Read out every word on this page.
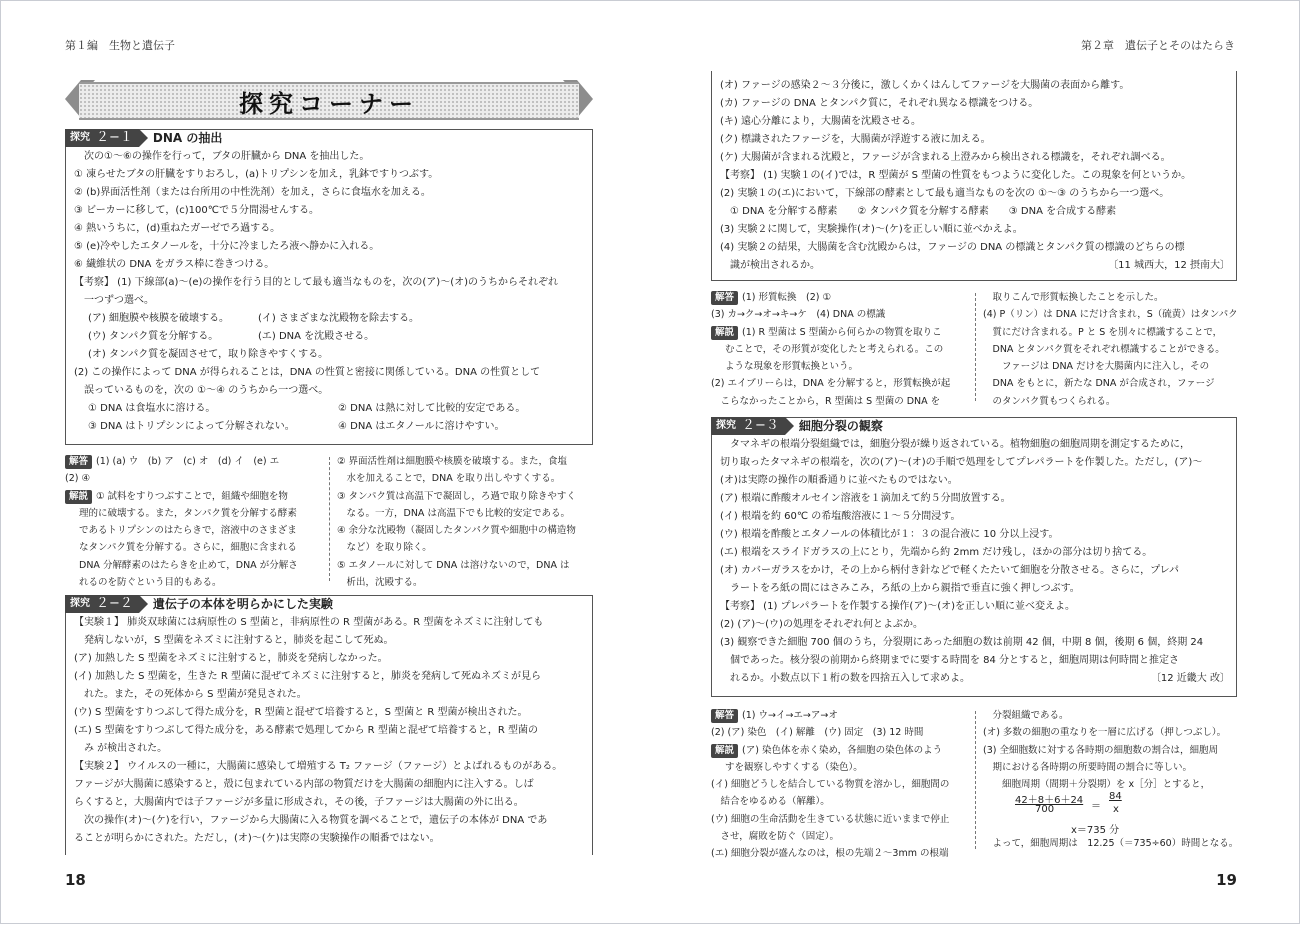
第１編　生物と遺伝子
探究コーナー
探究 ２−１ DNA の抽出
　次の①〜⑥の操作を行って，ブタの肝臓から DNA を抽出した。
① 凍らせたブタの肝臓をすりおろし，(a)トリプシンを加え，乳鉢ですりつぶす。
② (b)界面活性剤（または台所用の中性洗剤）を加え，さらに食塩水を加える。
③ ビーカーに移して，(c)100℃で５分間湯せんする。
④ 熱いうちに，(d)重ねたガーゼでろ過する。
⑤ (e)冷やしたエタノールを，十分に冷ましたろ液へ静かに入れる。
⑥ 繊維状の DNA をガラス棒に巻きつける。
【考察】 (1) 下線部(a)〜(e)の操作を行う目的として最も適当なものを，次の(ア)〜(オ)のうちからそれぞれ
　一つずつ選べ。
(ア) 細胞膜や核膜を破壊する。	(イ) さまざまな沈殿物を除去する。
(ウ) タンパク質を分解する。	(エ) DNA を沈殿させる。
(オ) タンパク質を凝固させて，取り除きやすくする。
(2) この操作によって DNA が得られることは，DNA の性質と密接に関係している。DNA の性質として
　誤っているものを，次の ①〜④ のうちから一つ選べ。
① DNA は食塩水に溶ける。	② DNA は熱に対して比較的安定である。
③ DNA はトリプシンによって分解されない。	④ DNA はエタノールに溶けやすい。
解答 (1) (a) ウ　(b) ア　(c) オ　(d) イ　(e) エ
(2) ④
解説 ① 試料をすりつぶすことで，組織や細胞を物
理的に破壊する。また，タンパク質を分解する酵素
であるトリプシンのはたらきで，溶液中のさまざま
なタンパク質を分解する。さらに，細胞に含まれる
DNA 分解酵素のはたらきを止めて，DNA が分解さ
れるのを防ぐという目的もある。
② 界面活性剤は細胞膜や核膜を破壊する。また，食塩
　水を加えることで，DNA を取り出しやすくする。
③ タンパク質は高温下で凝固し，ろ過で取り除きやすく
　なる。一方，DNA は高温下でも比較的安定である。
④ 余分な沈殿物（凝固したタンパク質や細胞中の構造物
　など）を取り除く。
⑤ エタノールに対して DNA は溶けないので，DNA は
　析出，沈殿する。
探究 ２−２ 遺伝子の本体を明らかにした実験
【実験１】 肺炎双球菌には病原性の S 型菌と，非病原性の R 型菌がある。R 型菌をネズミに注射しても
　発病しないが，S 型菌をネズミに注射すると，肺炎を起こして死ぬ。
(ア) 加熱した S 型菌をネズミに注射すると，肺炎を発病しなかった。
(イ) 加熱した S 型菌を，生きた R 型菌に混ぜてネズミに注射すると，肺炎を発病して死ぬネズミが見ら
　れた。また，その死体から S 型菌が発見された。
(ウ) S 型菌をすりつぶして得た成分を，R 型菌と混ぜて培養すると，S 型菌と R 型菌が検出された。
(エ) S 型菌をすりつぶして得た成分を，ある酵素で処理してから R 型菌と混ぜて培養すると，R 型菌の
　み が検出された。
【実験２】 ウイルスの一種に，大腸菌に感染して増殖する T₂ ファージ（ファージ）とよばれるものがある。
ファージが大腸菌に感染すると，殻に包まれている内部の物質だけを大腸菌の細胞内に注入する。しば
らくすると，大腸菌内では子ファージが多量に形成され，その後，子ファージは大腸菌の外に出る。
　次の操作(オ)〜(ケ)を行い，ファージから大腸菌に入る物質を調べることで，遺伝子の本体が DNA であ
ることが明らかにされた。ただし，(オ)〜(ケ)は実際の実験操作の順番ではない。
18
第２章　遺伝子とそのはたらき
(オ) ファージの感染２〜３分後に，激しくかくはんしてファージを大腸菌の表面から離す。
(カ) ファージの DNA とタンパク質に，それぞれ異なる標識をつける。
(キ) 遠心分離により，大腸菌を沈殿させる。
(ク) 標識されたファージを，大腸菌が浮遊する液に加える。
(ケ) 大腸菌が含まれる沈殿と，ファージが含まれる上澄みから検出される標識を，それぞれ調べる。
【考察】 (1) 実験１の(イ)では，R 型菌が S 型菌の性質をもつように変化した。この現象を何というか。
(2) 実験１の(エ)において，下線部の酵素として最も適当なものを次の ①〜③ のうちから一つ選べ。
　① DNA を分解する酵素　　② タンパク質を分解する酵素　　③ DNA を合成する酵素
(3) 実験２に関して，実験操作(オ)〜(ケ)を正しい順に並べかえよ。
(4) 実験２の結果，大腸菌を含む沈殿からは，ファージの DNA の標識とタンパク質の標識のどちらの標
　識が検出されるか。	〔11 城西大，12 摂南大〕
解答 (1) 形質転換　(2) ①
(3) カ→ク→オ→キ→ケ　(4) DNA の標識
解説 (1) R 型菌は S 型菌から何らかの物質を取りこ
むことで，その形質が変化したと考えられる。この
ような現象を形質転換という。
(2) エイブリーらは，DNA を分解すると，形質転換が起
　こらなかったことから，R 型菌は S 型菌の DNA を
　取りこんで形質転換したことを示した。
(4) P（リン）は DNA にだけ含まれ，S（硫黄）はタンパク
　質にだけ含まれる。P と S を別々に標識することで，
　DNA とタンパク質をそれぞれ標識することができる。
　　ファージは DNA だけを大腸菌内に注入し，その
　DNA をもとに，新たな DNA が合成され，ファージ
　のタンパク質もつくられる。
探究 ２−３ 細胞分裂の観察
　タマネギの根端分裂組織では，細胞分裂が繰り返されている。植物細胞の細胞周期を測定するために，
切り取ったタマネギの根端を，次の(ア)〜(オ)の手順で処理をしてプレパラートを作製した。ただし，(ア)〜
(オ)は実際の操作の順番通りに並べたものではない。
(ア) 根端に酢酸オルセイン溶液を１滴加えて約５分間放置する。
(イ) 根端を約 60℃ の希塩酸溶液に１〜５分間浸す。
(ウ) 根端を酢酸とエタノールの体積比が１：３の混合液に 10 分以上浸す。
(エ) 根端をスライドガラスの上にとり，先端から約 2mm だけ残し，ほかの部分は切り捨てる。
(オ) カバーガラスをかけ，その上から柄付き針などで軽くたたいて細胞を分散させる。さらに，プレパ
　ラートをろ紙の間にはさみこみ，ろ紙の上から親指で垂直に強く押しつぶす。
【考察】 (1) プレパラートを作製する操作(ア)〜(オ)を正しい順に並べ変えよ。
(2) (ア)〜(ウ)の処理をそれぞれ何とよぶか。
(3) 観察できた細胞 700 個のうち，分裂期にあった細胞の数は前期 42 個，中期 8 個，後期 6 個，終期 24
　個であった。核分裂の前期から終期までに要する時間を 84 分とすると，細胞周期は何時間と推定さ
　れるか。小数点以下１桁の数を四捨五入して求めよ。	〔12 近畿大 改〕
解答 (1) ウ→イ→エ→ア→オ
(2) (ア) 染色　(イ) 解離　(ウ) 固定　(3) 12 時間
解説 (ア) 染色体を赤く染め，各細胞の染色体のよう
すを観察しやすくする（染色）。
(イ) 細胞どうしを結合している物質を溶かし，細胞間の
　結合をゆるめる（解離）。
(ウ) 細胞の生命活動を生きている状態に近いままで停止
　させ，腐敗を防ぐ（固定）。
(エ) 細胞分裂が盛んなのは，根の先端２〜3mm の根端
　分裂組織である。
(オ) 多数の細胞の重なりを一層に広げる（押しつぶし）。
(3) 全細胞数に対する各時期の細胞数の割合は，細胞周
　期における各時期の所要時間の割合に等しい。
　　細胞周期（間期＋分裂期）を x［分］とすると，
42＋8＋6＋24
700	＝
84
x
x＝735 分
　よって，細胞周期は　12.25（＝735÷60）時間となる。
19
